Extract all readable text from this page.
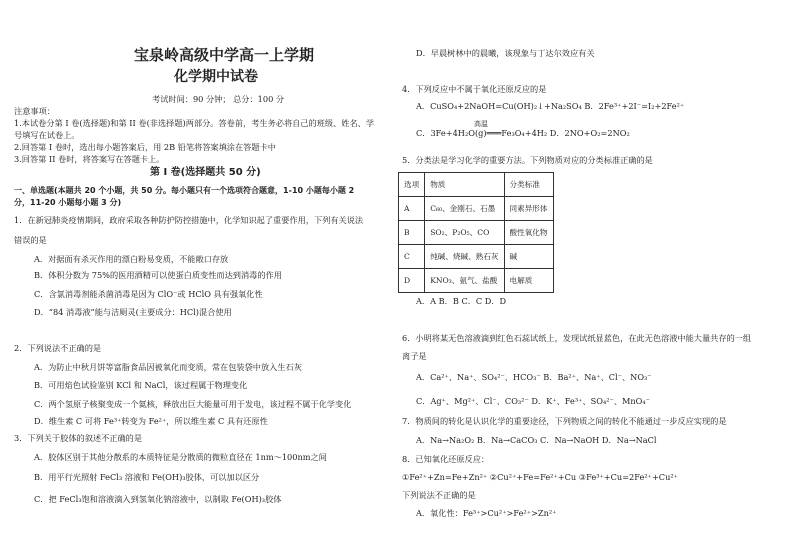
宝泉岭高级中学高一上学期
化学期中试卷
考试时间：90 分钟； 总分：100 分
注意事项：
1.本试卷分第 I 卷(选择题)和第 II 卷(非选择题)两部分。答卷前，考生务必将自己的班级、姓名、学
号填写在试卷上。
2.回答第 I 卷时，选出每小题答案后，用 2B 铅笔将答案填涂在答题卡中
3.回答第 II 卷时，将答案写在答题卡上。
第 I 卷(选择题共 50 分)
一、单选题(本题共 20 个小题，共 50 分。每小题只有一个选项符合题意，1-10 小题每小题 2
分，11-20 小题每小题 3 分)
1．在新冠肺炎疫情期间，政府采取各种防护防控措施中，化学知识起了重要作用，下列有关说法
错误的是
A．对据面有杀灭作用的漂白粉易变质，不能敞口存放
B．体积分数为 75%的医用酒精可以使蛋白质变性而达到消毒的作用
C．含氯消毒剂能杀菌消毒是因为 ClO⁻或 HClO 具有强氧化性
D．“84 消毒液”能与洁厕灵(主要成分：HCl)混合使用
2．下列说法不正确的是
A．为防止中秋月饼等富脂食品因被氧化而变质，常在包装袋中放入生石灰
B．可用焰色试验鉴别 KCl 和 NaCl，该过程属于物理变化
C．两个氢原子核聚变成一个氦核，释放出巨大能量可用于发电，该过程不属于化学变化
D．维生素 C 可将 Fe³⁺转变为 Fe²⁺，所以维生素 C 具有还原性
3．下列关于胶体的叙述不正确的是
A．胶体区别于其他分散系的本质特征是分散质的微粒直径在 1nm～100nm之间
B．用平行光照射 FeCl₃ 溶液和 Fe(OH)₃胶体，可以加以区分
C．把 FeCl₃饱和溶液滴入到氢氧化钠溶液中，以制取 Fe(OH)₃胶体
D．早晨树林中的晨曦，该现象与丁达尔效应有关
4．下列反应中不属于氧化还原反应的是
A．CuSO₄+2NaOH=Cu(OH)₂↓+Na₂SO₄ B．2Fe³⁺+2I⁻=I₂+2Fe²⁺
高温
C．3Fe+4H₂O(g)═══Fe₃O₄+4H₂ D．2NO+O₂=2NO₂
5．分类法是学习化学的重要方法。下列物质对应的分类标准正确的是
选项	物质	分类标准
A	C₆₀、金刚石、石墨	同素异形体
B	SO₂、P₂O₅、CO	酸性氧化物
C	纯碱、烧碱、熟石灰	碱
D	KNO₃、氨气、盐酸	电解质
A．A B．B C．C D．D
6．小明将某无色溶液滴到红色石蕊试纸上，发现试纸显蓝色，在此无色溶液中能大量共存的一组
离子是
A．Ca²⁺、Na⁺、SO₄²⁻、HCO₃⁻ B．Ba²⁺、Na⁺、Cl⁻、NO₃⁻
C．Ag⁺、Mg²⁺、Cl⁻、CO₃²⁻ D．K⁺、Fe³⁺、SO₄²⁻、MnO₄⁻
7．物质间的转化是认识化学的重要途径，下列物质之间的转化不能通过一步反应实现的是
A．Na→Na₂O₂ B．Na→CaCO₃ C．Na→NaOH D．Na→NaCl
8．已知氧化还原反应：
①Fe²⁺+Zn=Fe+Zn²⁺ ②Cu²⁺+Fe=Fe²⁺+Cu ③Fe³⁺+Cu=2Fe²⁺+Cu²⁺
下列说法不正确的是
A．氧化性：Fe³⁺>Cu²⁺>Fe²⁺>Zn²⁺
